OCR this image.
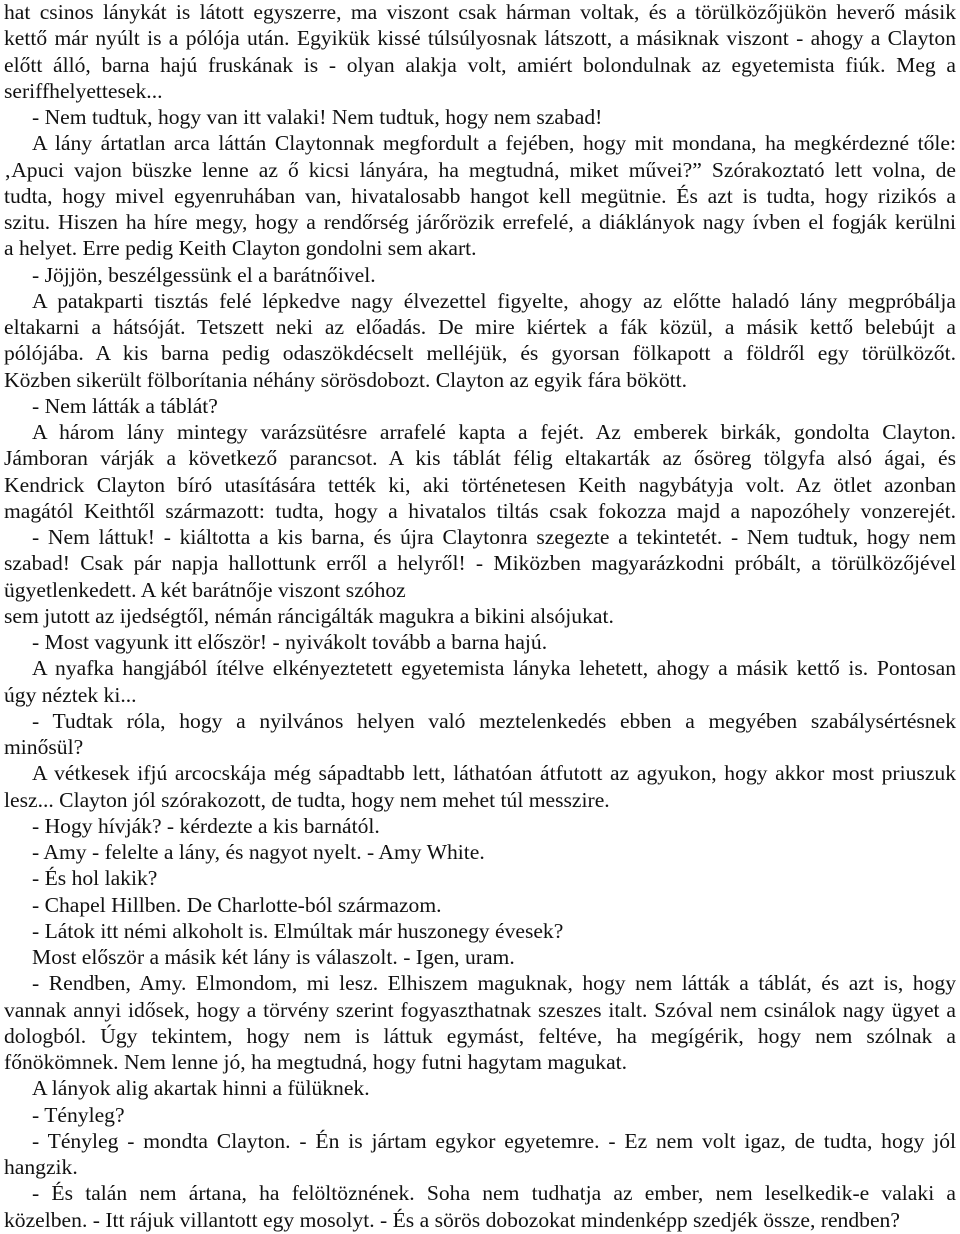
hat csinos lánykát is látott egyszerre, ma viszont csak hárman voltak, és a törülközőjükön heverő másik
kettő már nyúlt is a pólója után. Egyikük kissé túlsúlyosnak látszott, a másiknak viszont - ahogy a Clayton
előtt álló, barna hajú fruskának is - olyan alakja volt, amiért bolondulnak az egyetemista fiúk. Meg a
seriffhelyettesek...
- Nem tudtuk, hogy van itt valaki! Nem tudtuk, hogy nem szabad!
A lány ártatlan arca láttán Claytonnak megfordult a fejében, hogy mit mondana, ha megkérdezné tőle:
‚Apuci vajon büszke lenne az ő kicsi lányára, ha megtudná, miket művei?” Szórakoztató lett volna, de
tudta, hogy mivel egyenruhában van, hivatalosabb hangot kell megütnie. És azt is tudta, hogy rizikós a
szitu. Hiszen ha híre megy, hogy a rendőrség járőrözik errefelé, a diáklányok nagy ívben el fogják kerülni
a helyet. Erre pedig Keith Clayton gondolni sem akart.
- Jöjjön, beszélgessünk el a barátnőivel.
A patakparti tisztás felé lépkedve nagy élvezettel figyelte, ahogy az előtte haladó lány megpróbálja
eltakarni a hátsóját. Tetszett neki az előadás. De mire kiértek a fák közül, a másik kettő belebújt a
pólójába. A kis barna pedig odaszökdécselt melléjük, és gyorsan fölkapott a földről egy törülközőt.
Közben sikerült fölborítania néhány sörösdobozt. Clayton az egyik fára bökött.
- Nem látták a táblát?
A három lány mintegy varázsütésre arrafelé kapta a fejét. Az emberek birkák, gondolta Clayton.
Jámboran várják a következő parancsot. A kis táblát félig eltakarták az ősöreg tölgyfa alsó ágai, és
Kendrick Clayton bíró utasítására tették ki, aki történetesen Keith nagybátyja volt. Az ötlet azonban
magától Keithtől származott: tudta, hogy a hivatalos tiltás csak fokozza majd a napozóhely vonzerejét.
- Nem láttuk! - kiáltotta a kis barna, és újra Claytonra szegezte a tekintetét. - Nem tudtuk, hogy nem
szabad! Csak pár napja hallottunk erről a helyről! - Miközben magyarázkodni próbált, a törülközőjével
ügyetlenkedett. A két barátnője viszont szóhoz
sem jutott az ijedségtől, némán ráncigálták magukra a bikini alsójukat.
- Most vagyunk itt először! - nyivákolt tovább a barna hajú.
A nyafka hangjából ítélve elkényeztetett egyetemista lányka lehetett, ahogy a másik kettő is. Pontosan
úgy néztek ki...
- Tudtak róla, hogy a nyilvános helyen való meztelenkedés ebben a megyében szabálysértésnek
minősül?
A vétkesek ifjú arcocskája még sápadtabb lett, láthatóan átfutott az agyukon, hogy akkor most priuszuk
lesz... Clayton jól szórakozott, de tudta, hogy nem mehet túl messzire.
- Hogy hívják? - kérdezte a kis barnától.
- Amy - felelte a lány, és nagyot nyelt. - Amy White.
- És hol lakik?
- Chapel Hillben. De Charlotte-ból származom.
- Látok itt némi alkoholt is. Elmúltak már huszonegy évesek?
Most először a másik két lány is válaszolt. - Igen, uram.
- Rendben, Amy. Elmondom, mi lesz. Elhiszem maguknak, hogy nem látták a táblát, és azt is, hogy
vannak annyi idősek, hogy a törvény szerint fogyaszthatnak szeszes italt. Szóval nem csinálok nagy ügyet a
dologból. Úgy tekintem, hogy nem is láttuk egymást, feltéve, ha megígérik, hogy nem szólnak a
főnökömnek. Nem lenne jó, ha megtudná, hogy futni hagytam magukat.
A lányok alig akartak hinni a fülüknek.
- Tényleg?
- Tényleg - mondta Clayton. - Én is jártam egykor egyetemre. - Ez nem volt igaz, de tudta, hogy jól
hangzik.
- És talán nem ártana, ha felöltöznének. Soha nem tudhatja az ember, nem leselkedik-e valaki a
közelben. - Itt rájuk villantott egy mosolyt. - És a sörös dobozokat mindenképp szedjék össze, rendben?
